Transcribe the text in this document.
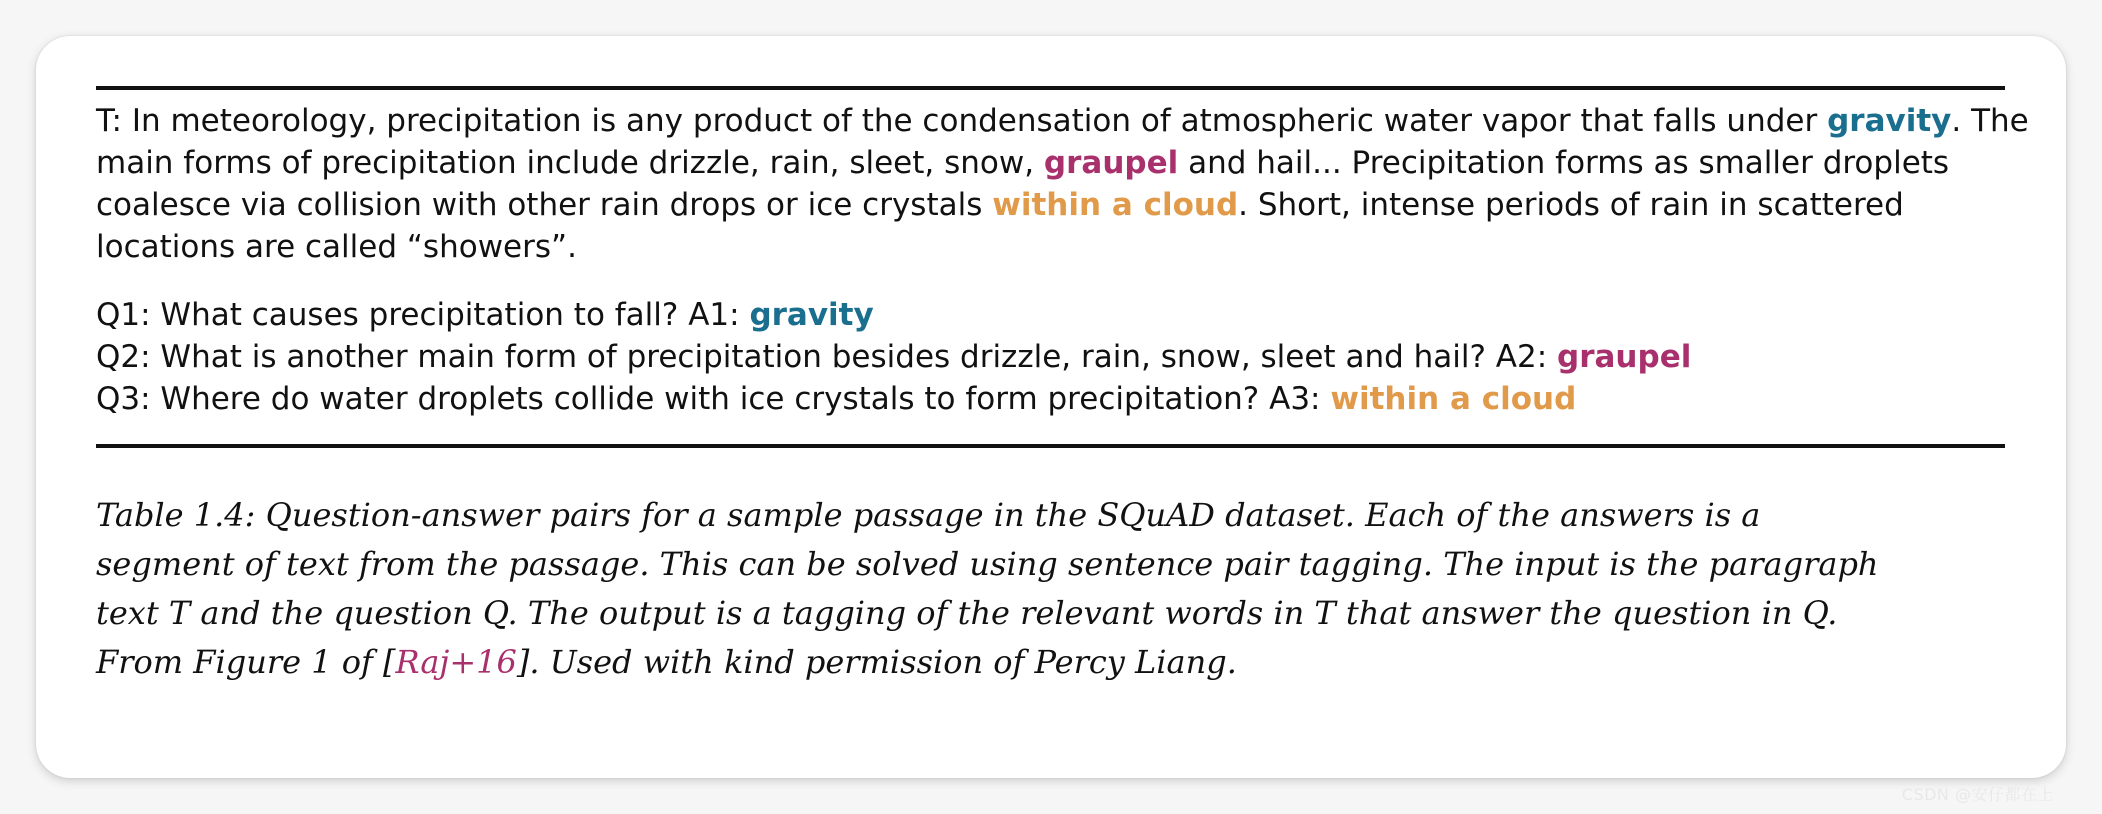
T: In meteorology, precipitation is any product of the condensation of atmospheric water vapor that falls under gravity. The

main forms of precipitation include drizzle, rain, sleet, snow, graupel and hail... Precipitation forms as smaller droplets

coalesce via collision with other rain drops or ice crystals within a cloud. Short, intense periods of rain in scattered

locations are called “showers”.

Q1: What causes precipitation to fall? A1: gravity

Q2: What is another main form of precipitation besides drizzle, rain, snow, sleet and hail? A2: graupel

Q3: Where do water droplets collide with ice crystals to form precipitation? A3: within a cloud

Table 1.4: Question-answer pairs for a sample passage in the SQuAD dataset. Each of the answers is a

segment of text from the passage. This can be solved using sentence pair tagging. The input is the paragraph

text T and the question Q. The output is a tagging of the relevant words in T that answer the question in Q.

From Figure 1 of [Raj+16]. Used with kind permission of Percy Liang.

CSDN @安仔都在上
